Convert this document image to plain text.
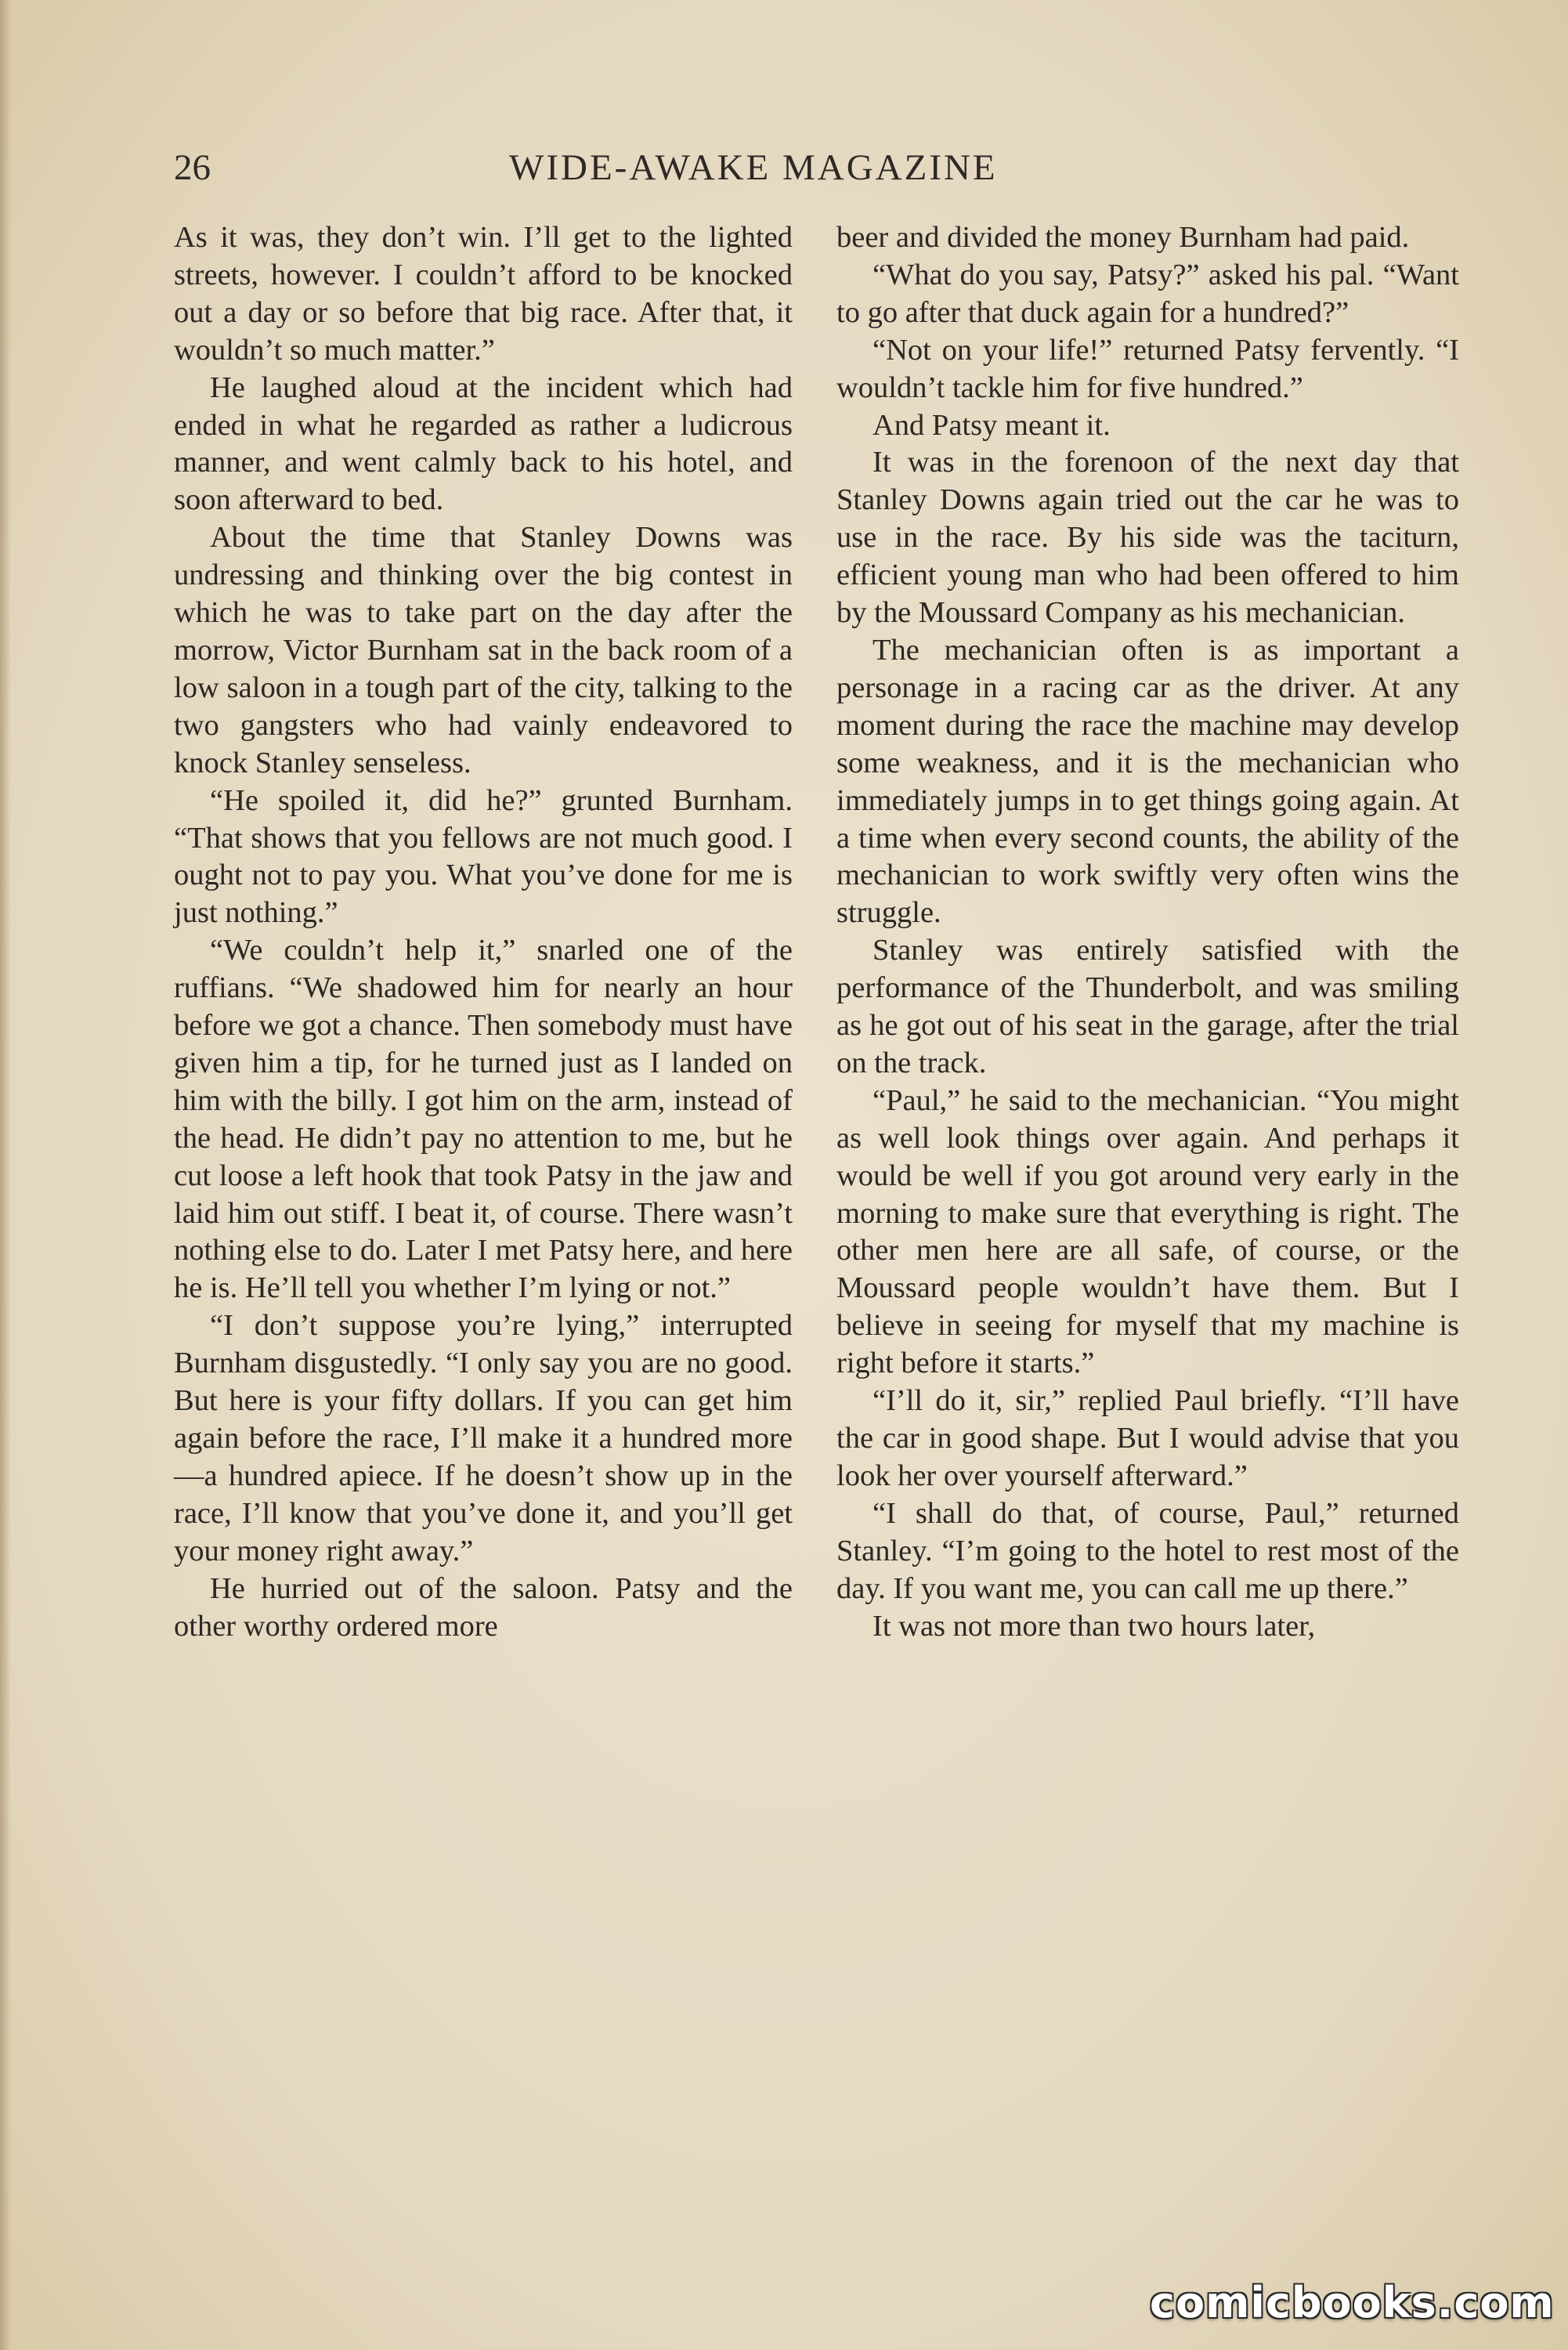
26	WIDE-AWAKE MAGAZINE

As it was, they don’t win. I’ll get to the lighted streets, however. I couldn’t afford to be knocked out a day or so before that big race. After that, it wouldn’t so much matter.”

He laughed aloud at the incident which had ended in what he regarded as rather a ludicrous manner, and went calmly back to his hotel, and soon afterward to bed.

About the time that Stanley Downs was undressing and thinking over the big contest in which he was to take part on the day after the morrow, Victor Burnham sat in the back room of a low saloon in a tough part of the city, talking to the two gangsters who had vainly endeavored to knock Stanley senseless.

“He spoiled it, did he?” grunted Burnham. “That shows that you fellows are not much good. I ought not to pay you. What you’ve done for me is just nothing.”

“We couldn’t help it,” snarled one of the ruffians. “We shadowed him for nearly an hour before we got a chance. Then somebody must have given him a tip, for he turned just as I landed on him with the billy. I got him on the arm, instead of the head. He didn’t pay no attention to me, but he cut loose a left hook that took Patsy in the jaw and laid him out stiff. I beat it, of course. There wasn’t nothing else to do. Later I met Patsy here, and here he is. He’ll tell you whether I’m lying or not.”

“I don’t suppose you’re lying,” interrupted Burnham disgustedly. “I only say you are no good. But here is your fifty dollars. If you can get him again before the race, I’ll make it a hundred more—a hundred apiece. If he doesn’t show up in the race, I’ll know that you’ve done it, and you’ll get your money right away.”

He hurried out of the saloon. Patsy and the other worthy ordered more

beer and divided the money Burnham had paid.

“What do you say, Patsy?” asked his pal. “Want to go after that duck again for a hundred?”

“Not on your life!” returned Patsy fervently. “I wouldn’t tackle him for five hundred.”

And Patsy meant it.

It was in the forenoon of the next day that Stanley Downs again tried out the car he was to use in the race. By his side was the taciturn, efficient young man who had been offered to him by the Moussard Company as his mechanician.

The mechanician often is as important a personage in a racing car as the driver. At any moment during the race the machine may develop some weakness, and it is the mechanician who immediately jumps in to get things going again. At a time when every second counts, the ability of the mechanician to work swiftly very often wins the struggle.

Stanley was entirely satisfied with the performance of the Thunderbolt, and was smiling as he got out of his seat in the garage, after the trial on the track.

“Paul,” he said to the mechanician. “You might as well look things over again. And perhaps it would be well if you got around very early in the morning to make sure that everything is right. The other men here are all safe, of course, or the Moussard people wouldn’t have them. But I believe in seeing for myself that my machine is right before it starts.”

“I’ll do it, sir,” replied Paul briefly. “I’ll have the car in good shape. But I would advise that you look her over yourself afterward.”

“I shall do that, of course, Paul,” returned Stanley. “I’m going to the hotel to rest most of the day. If you want me, you can call me up there.”

It was not more than two hours later,

comicbooks.com
